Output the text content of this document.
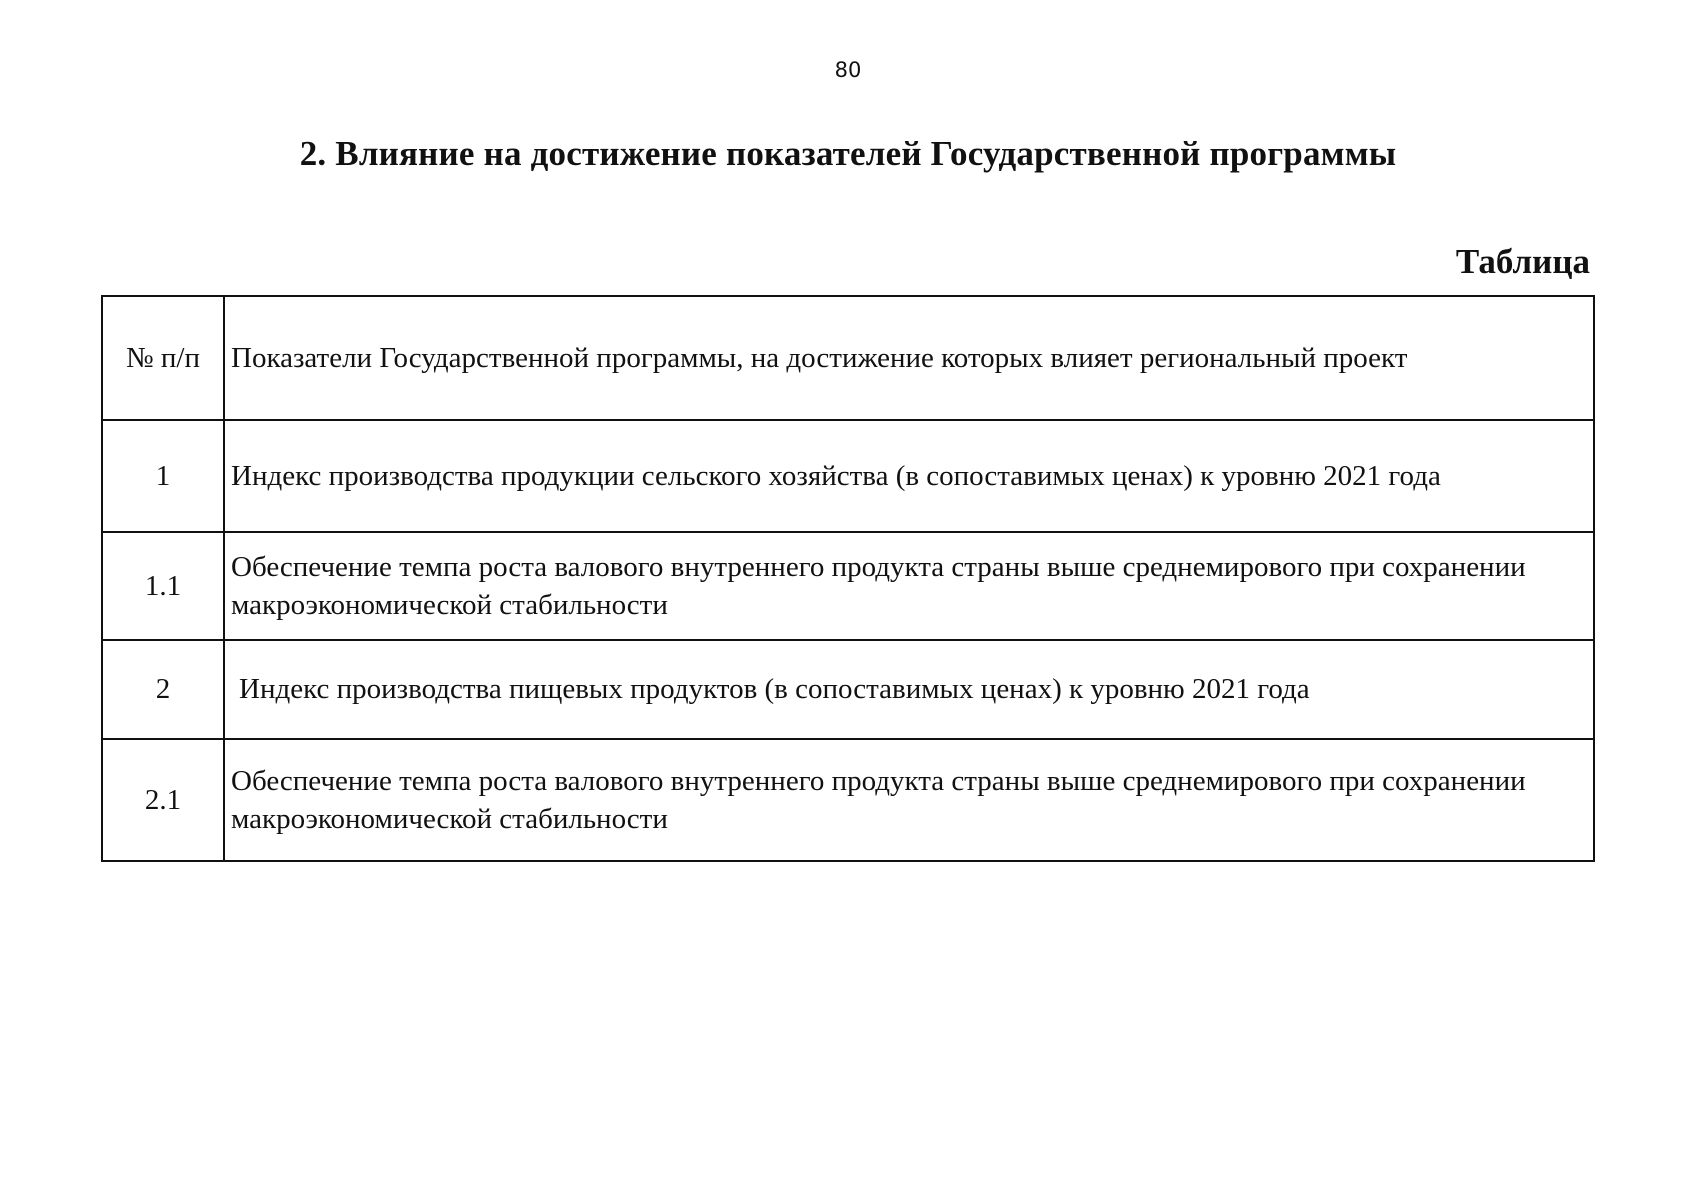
80
2. Влияние на достижение показателей Государственной программы
Таблица
№ п/п	Показатели Государственной программы, на достижение которых влияет региональный проект
1	Индекс производства продукции сельского хозяйства (в сопоставимых ценах) к уровню 2021 года
1.1	Обеспечение темпа роста валового внутреннего продукта страны выше среднемирового при сохранении макроэкономической стабильности
2	Индекс производства пищевых продуктов (в сопоставимых ценах) к уровню 2021 года
2.1	Обеспечение темпа роста валового внутреннего продукта страны выше среднемирового при сохранении макроэкономической стабильности
